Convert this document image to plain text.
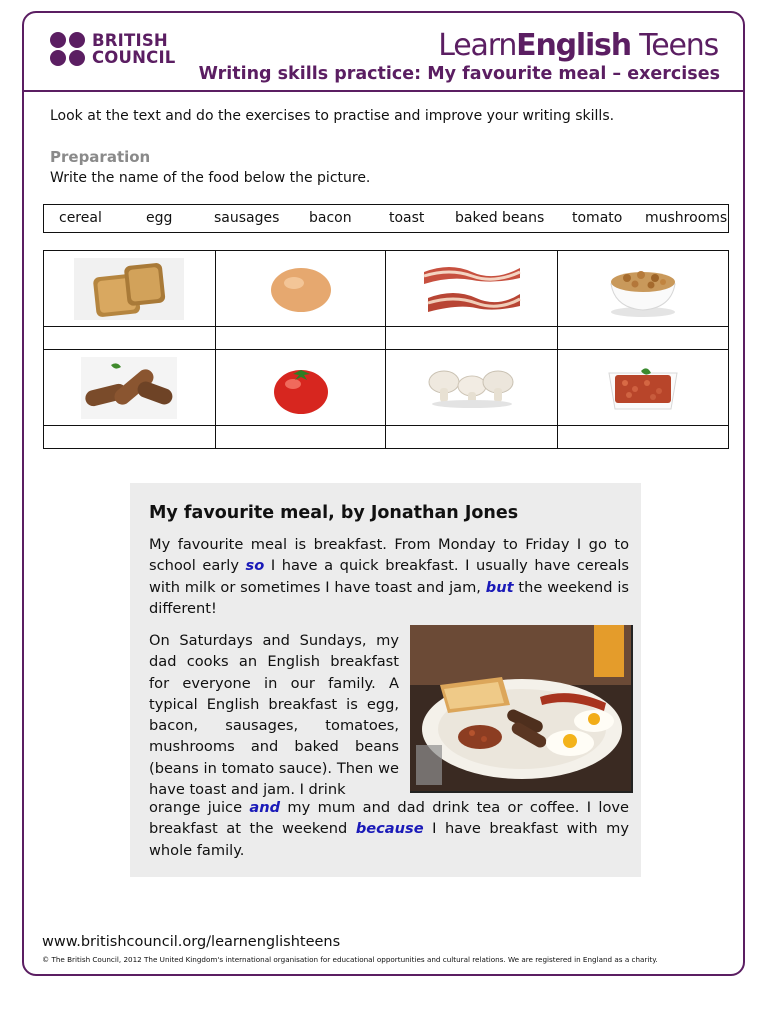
BRITISH
COUNCIL	LearnEnglish Teens
Writing skills practice: My favourite meal – exercises
Look at the text and do the exercises to practise and improve your writing skills.
Preparation
Write the name of the food below the picture.
cereal	egg	sausages bacon	toast baked beans tomato mushrooms

My favourite meal, by Jonathan Jones
My favourite meal is breakfast. From Monday to Friday I go to school early so I have a quick breakfast. I usually have cereals with milk or sometimes I have toast and jam, but the weekend is different!
On Saturdays and Sundays, my dad cooks an English breakfast for everyone in our family. A typical English breakfast is egg, bacon, sausages, tomatoes, mushrooms and baked beans (beans in tomato sauce). Then we have toast and jam. I drink
orange juice and my mum and dad drink tea or coffee. I love breakfast at the weekend because I have breakfast with my whole family.
www.britishcouncil.org/learnenglishteens
© The British Council, 2012 The United Kingdom's international organisation for educational opportunities and cultural relations. We are registered in England as a charity.
